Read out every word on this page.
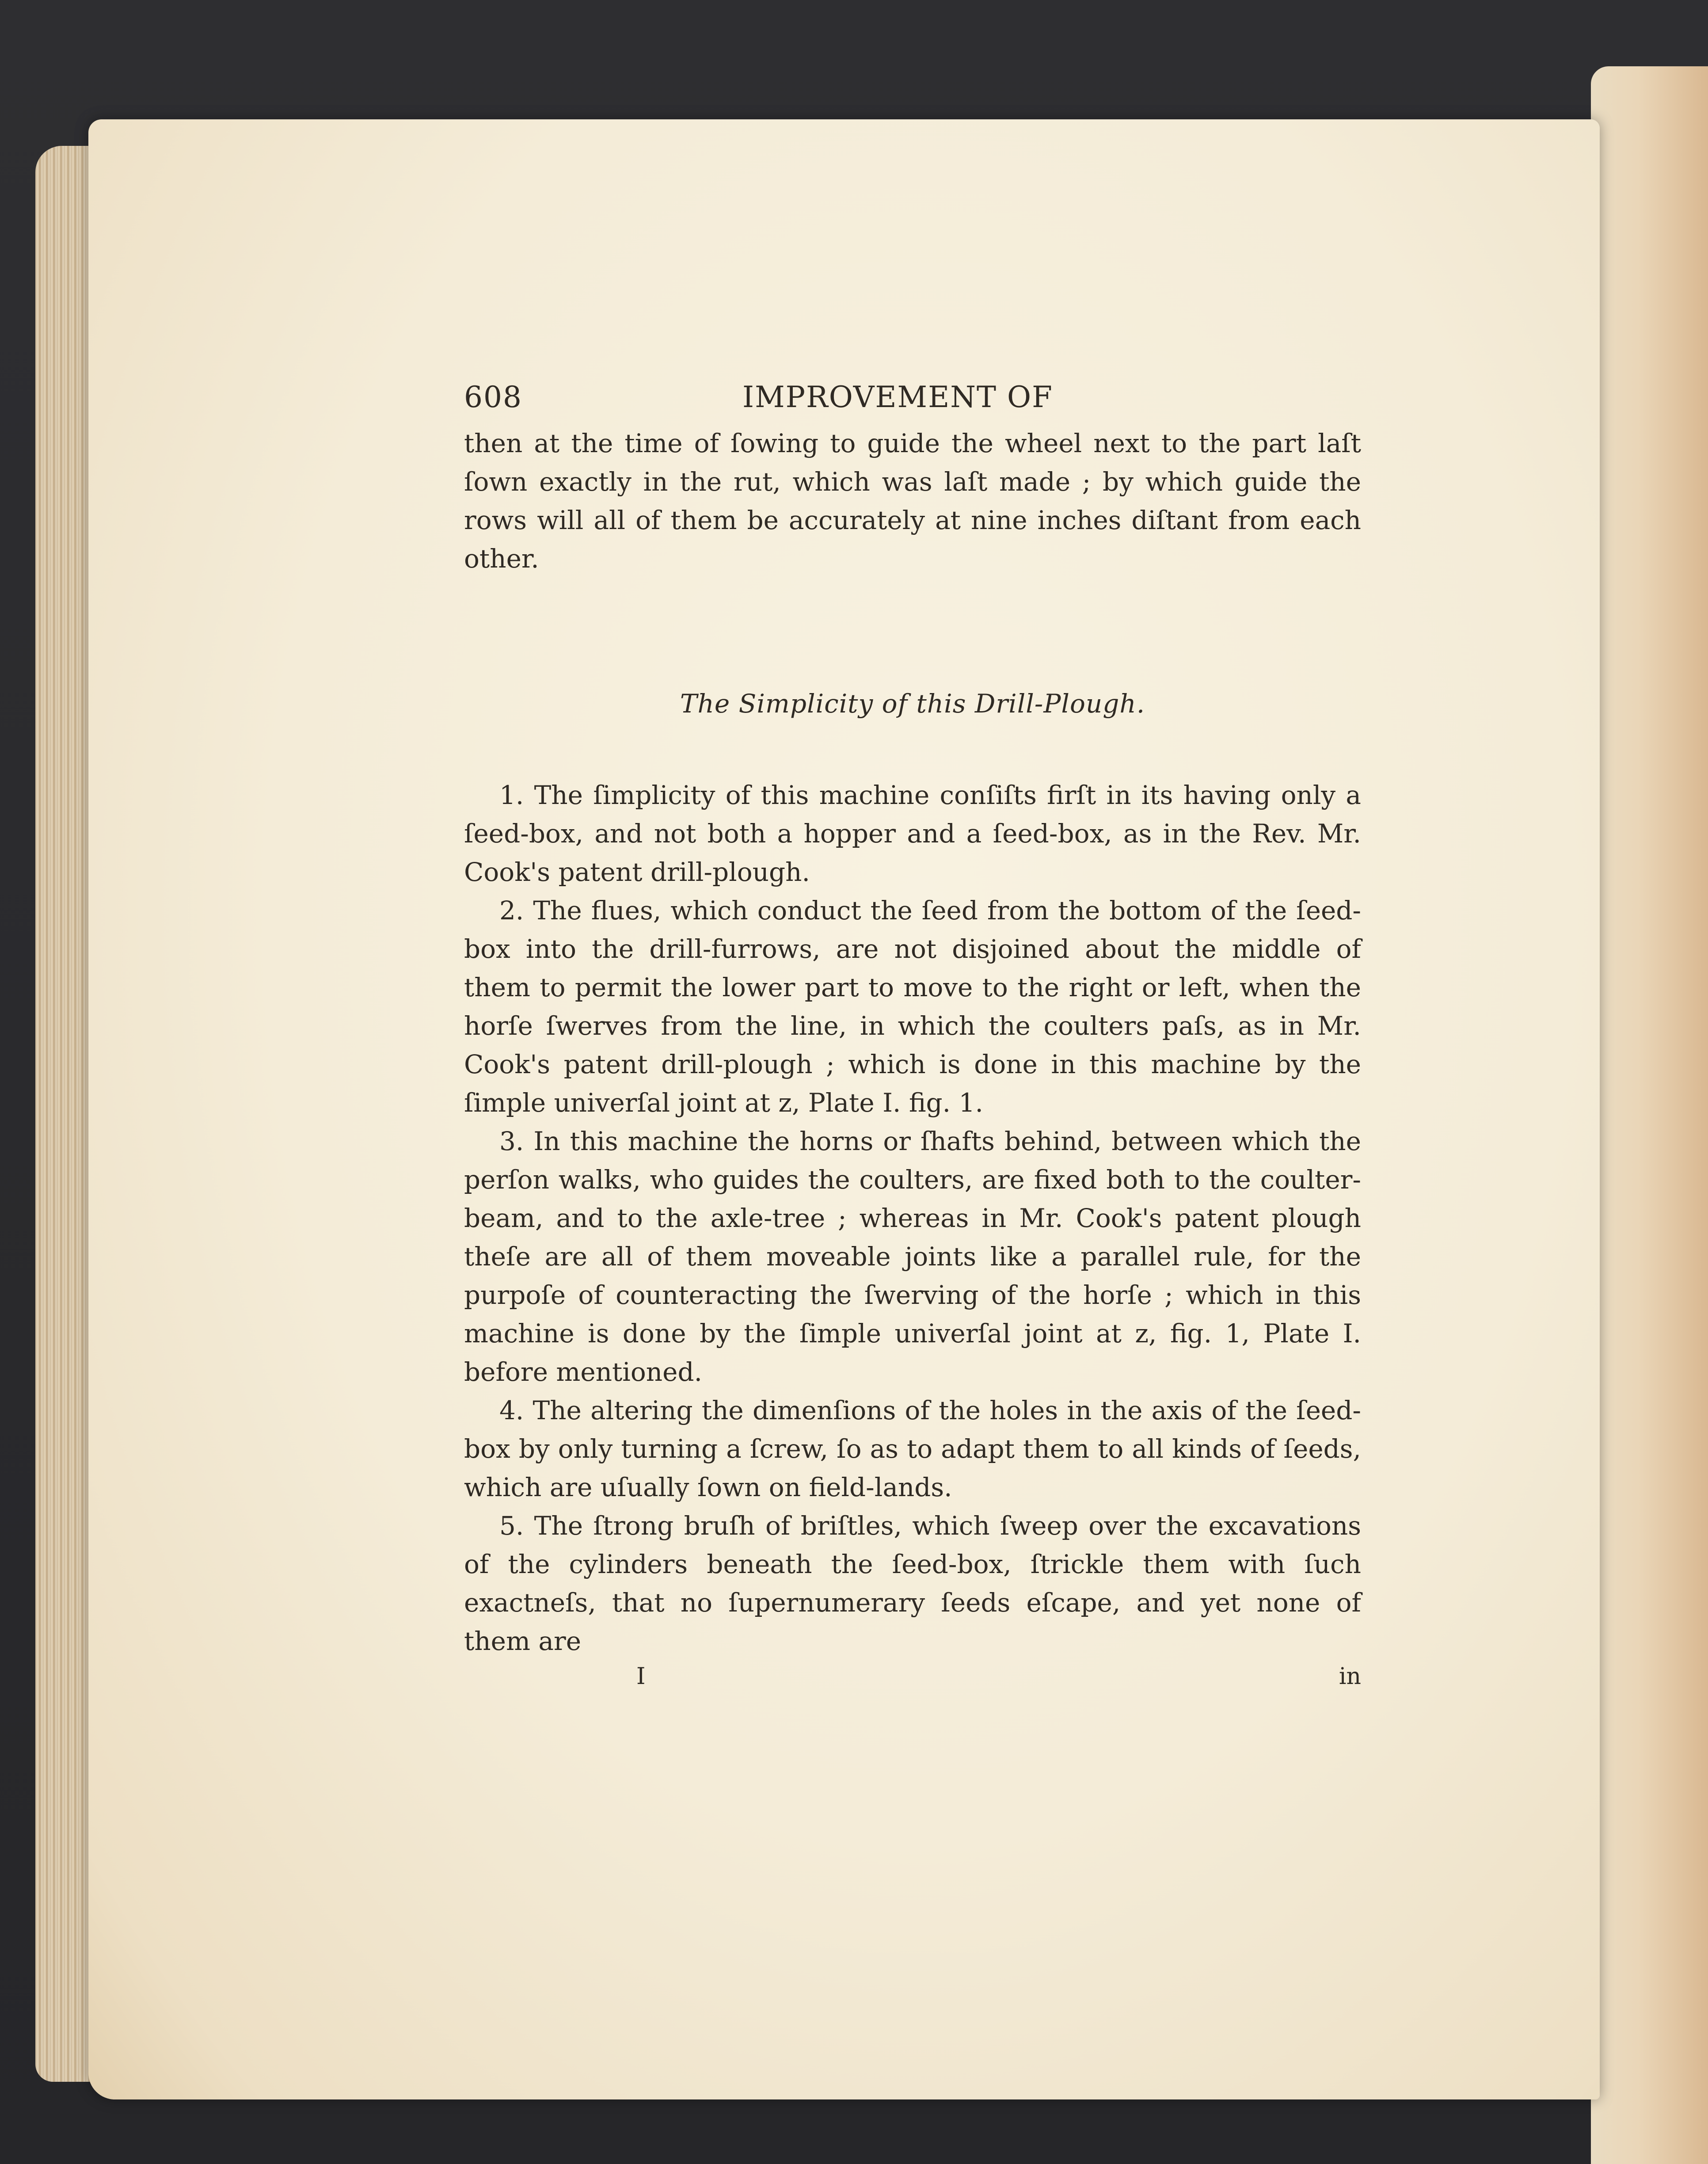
608	IMPROVEMENT OF
then at the time of ſowing to guide the wheel next to the part laſt ſown exactly in the rut, which was laſt made ; by which guide the rows will all of them be accurately at nine inches diſtant from each other.
The Simplicity of this Drill-Plough.

1. The ſimplicity of this machine conſiſts firſt in its having only a ſeed-box, and not both a hopper and a ſeed-box, as in the Rev. Mr. Cook's patent drill-plough.

2. The flues, which conduct the ſeed from the bottom of the ſeed-box into the drill-furrows, are not disjoined about the middle of them to permit the lower part to move to the right or left, when the horſe ſwerves from the line, in which the coulters paſs, as in Mr. Cook's patent drill-plough ; which is done in this machine by the ſimple univerſal joint at z, Plate I. fig. 1.

3. In this machine the horns or ſhafts behind, between which the perſon walks, who guides the coulters, are fixed both to the coulter-beam, and to the axle-tree ; whereas in Mr. Cook's patent plough theſe are all of them moveable joints like a parallel rule, for the purpoſe of counteracting the ſwerving of the horſe ; which in this machine is done by the ſimple univerſal joint at z, fig. 1, Plate I. before mentioned.

4. The altering the dimenſions of the holes in the axis of the ſeed-box by only turning a ſcrew, ſo as to adapt them to all kinds of ſeeds, which are uſually ſown on field-lands.

5. The ſtrong bruſh of briſtles, which ſweep over the excavations of the cylinders beneath the ſeed-box, ſtrickle them with ſuch exactneſs, that no ſupernumerary ſeeds eſcape, and yet none of them are

I	in
